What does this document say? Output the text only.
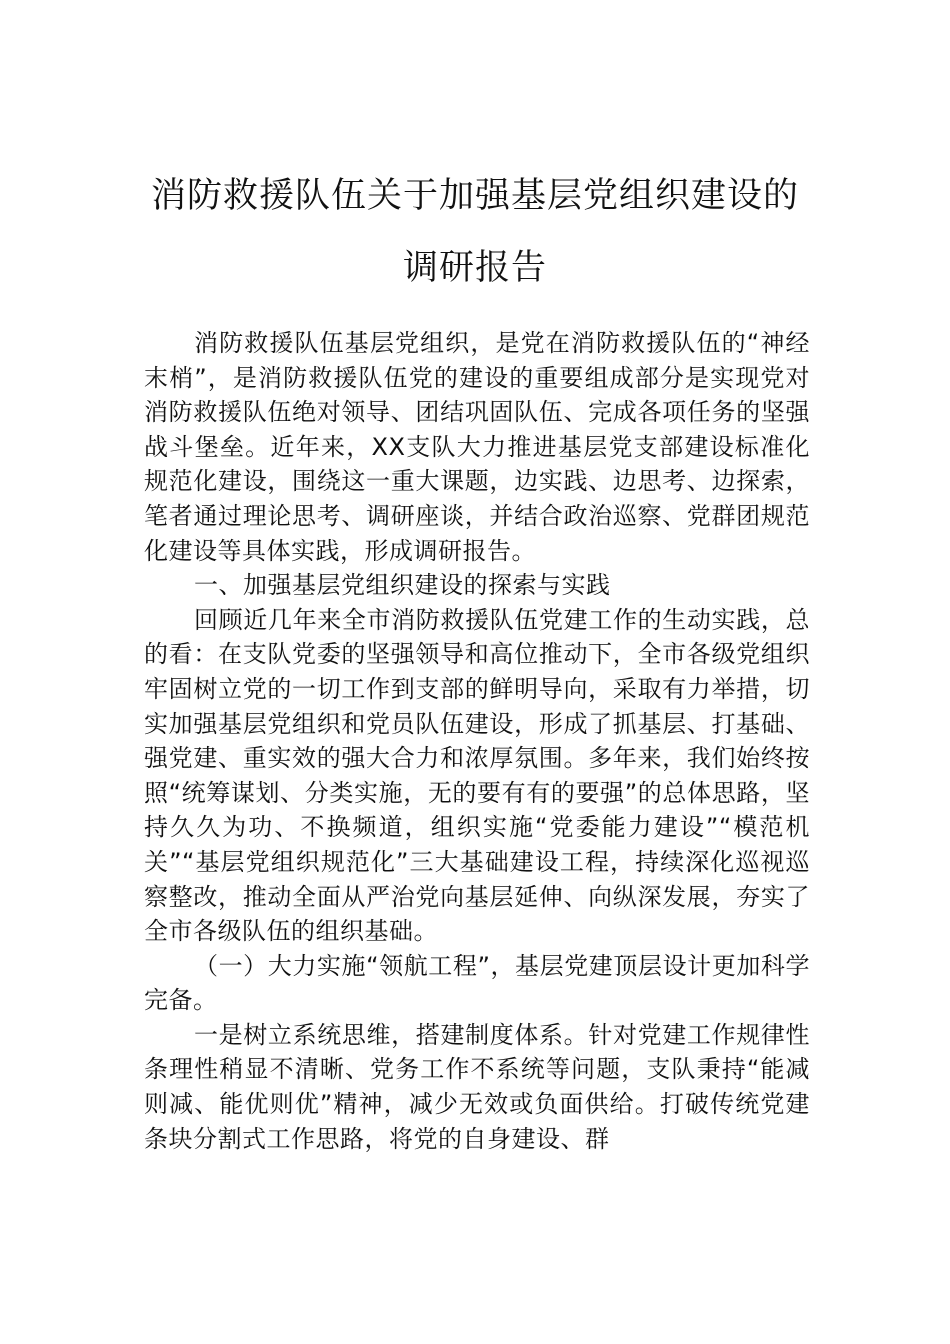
消防救援队伍关于加强基层党组织建设的
调研报告

消防救援队伍基层党组织，是党在消防救援队伍的“神经末梢”，是消防救援队伍党的建设的重要组成部分是实现党对消防救援队伍绝对领导、团结巩固队伍、完成各项任务的坚强战斗堡垒。近年来，XX支队大力推进基层党支部建设标准化规范化建设，围绕这一重大课题，边实践、边思考、边探索，笔者通过理论思考、调研座谈，并结合政治巡察、党群团规范化建设等具体实践，形成调研报告。

一、加强基层党组织建设的探索与实践

回顾近几年来全市消防救援队伍党建工作的生动实践，总的看：在支队党委的坚强领导和高位推动下，全市各级党组织牢固树立党的一切工作到支部的鲜明导向，采取有力举措，切实加强基层党组织和党员队伍建设，形成了抓基层、打基础、强党建、重实效的强大合力和浓厚氛围。多年来，我们始终按照“统筹谋划、分类实施，无的要有有的要强”的总体思路，坚持久久为功、不换频道，组织实施“党委能力建设”“模范机关”“基层党组织规范化”三大基础建设工程，持续深化巡视巡察整改，推动全面从严治党向基层延伸、向纵深发展，夯实了全市各级队伍的组织基础。

（一）大力实施“领航工程”，基层党建顶层设计更加科学完备。

一是树立系统思维，搭建制度体系。针对党建工作规律性条理性稍显不清晰、党务工作不系统等问题，支队秉持“能减则减、能优则优”精神，减少无效或负面供给。打破传统党建条块分割式工作思路，将党的自身建设、群
